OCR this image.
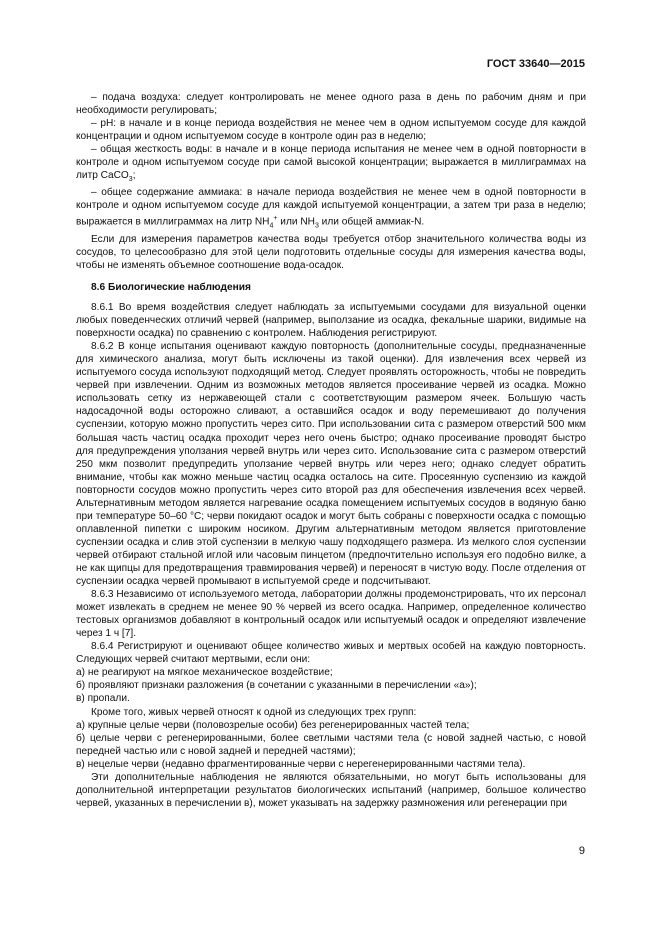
ГОСТ 33640—2015

– подача воздуха: следует контролировать не менее одного раза в день по рабочим дням и при необходимости регулировать;

– pH: в начале и в конце периода воздействия не менее чем в одном испытуемом сосуде для каждой концентрации и одном испытуемом сосуде в контроле один раз в неделю;

– общая жесткость воды: в начале и в конце периода испытания не менее чем в одной повторности в контроле и одном испытуемом сосуде при самой высокой концентрации; выражается в миллиграммах на литр CaCO$_3$;

– общее содержание аммиака: в начале периода воздействия не менее чем в одной повторности в контроле и одном испытуемом сосуде для каждой испытуемой концентрации, а затем три раза в неделю; выражается в миллиграммах на литр $NH_4^+$ или $NH_3$ или общей аммиак-N.

Если для измерения параметров качества воды требуется отбор значительного количества воды из сосудов, то целесообразно для этой цели подготовить отдельные сосуды для измерения качества воды, чтобы не изменять объемное соотношение вода-осадок.

8.6 Биологические наблюдения

8.6.1 Во время воздействия следует наблюдать за испытуемыми сосудами для визуальной оценки любых поведенческих отличий червей (например, выползание из осадка, фекальные шарики, видимые на поверхности осадка) по сравнению с контролем. Наблюдения регистрируют.

8.6.2 В конце испытания оценивают каждую повторность (дополнительные сосуды, предназначенные для химического анализа, могут быть исключены из такой оценки). Для извлечения всех червей из испытуемого сосуда используют подходящий метод. Следует проявлять осторожность, чтобы не повредить червей при извлечении. Одним из возможных методов является просеивание червей из осадка. Можно использовать сетку из нержавеющей стали с соответствующим размером ячеек. Большую часть надосадочной воды осторожно сливают, а оставшийся осадок и воду перемешивают до получения суспензии, которую можно пропустить через сито. При использовании сита с размером отверстий 500 мкм большая часть частиц осадка проходит через него очень быстро; однако просеивание проводят быстро для предупреждения уползания червей внутрь или через сито. Использование сита с размером отверстий 250 мкм позволит предупредить уползание червей внутрь или через него; однако следует обратить внимание, чтобы как можно меньше частиц осадка осталось на сите. Просеянную суспензию из каждой повторности сосудов можно пропустить через сито второй раз для обеспечения извлечения всех червей. Альтернативным методом является нагревание осадка помещением испытуемых сосудов в водяную баню при температуре 50–60 °С; черви покидают осадок и могут быть собраны с поверхности осадка с помощью оплавленной пипетки с широким носиком. Другим альтернативным методом является приготовление суспензии осадка и слив этой суспензии в мелкую чашу подходящего размера. Из мелкого слоя суспензии червей отбирают стальной иглой или часовым пинцетом (предпочтительно используя его подобно вилке, а не как щипцы для предотвращения травмирования червей) и переносят в чистую воду. После отделения от суспензии осадка червей промывают в испытуемой среде и подсчитывают.

8.6.3 Независимо от используемого метода, лаборатории должны продемонстрировать, что их персонал может извлекать в среднем не менее 90 % червей из всего осадка. Например, определенное количество тестовых организмов добавляют в контрольный осадок или испытуемый осадок и определяют извлечение через 1 ч [7].

8.6.4 Регистрируют и оценивают общее количество живых и мертвых особей на каждую повторность. Следующих червей считают мертвыми, если они:

а) не реагируют на мягкое механическое воздействие;

б) проявляют признаки разложения (в сочетании с указанными в перечислении «а»);

в) пропали.

Кроме того, живых червей относят к одной из следующих трех групп:

а) крупные целые черви (половозрелые особи) без регенерированных частей тела;

б) целые черви с регенерированными, более светлыми частями тела (с новой задней частью, с новой передней частью или с новой задней и передней частями);

в) нецелые черви (недавно фрагментированные черви с нерегенерированными частями тела).

Эти дополнительные наблюдения не являются обязательными, но могут быть использованы для дополнительной интерпретации результатов биологических испытаний (например, большое количество червей, указанных в перечислении в), может указывать на задержку размножения или регенерации при

9
